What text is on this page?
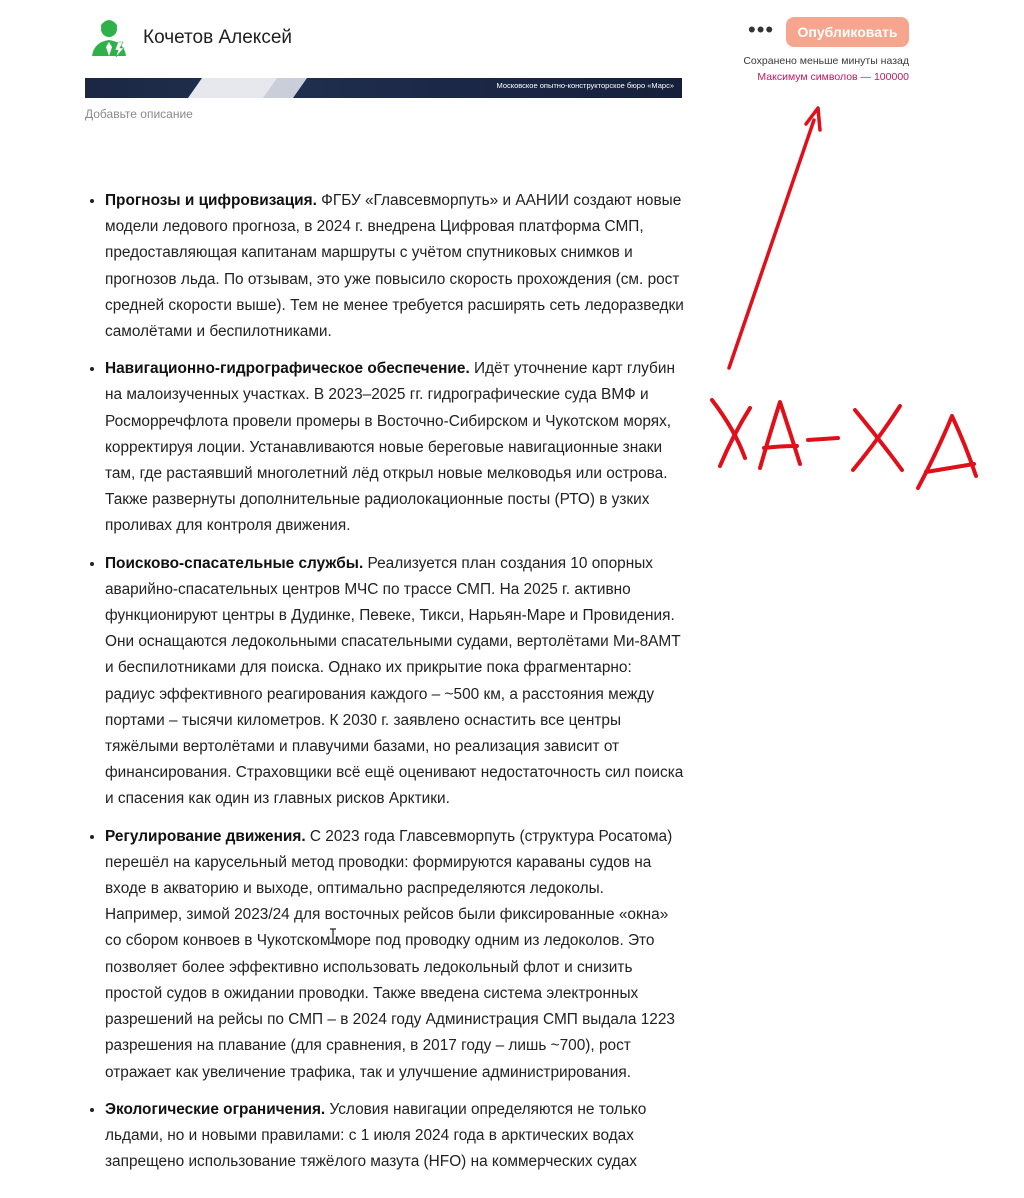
Кочетов Алексей	•••	Опубликовать
Сохранено меньше минуты назад
Максимум символов — 100000
Московское опытно-конструкторское бюро «Марс»
Добавьте описание
• Прогнозы и цифровизация. ФГБУ «Главсевморпуть» и ААНИИ создают новые модели ледового прогноза, в 2024 г. внедрена Цифровая платформа СМП, предоставляющая капитанам маршруты с учётом спутниковых снимков и прогнозов льда. По отзывам, это уже повысило скорость прохождения (см. рост средней скорости выше). Тем не менее требуется расширять сеть ледоразведки самолётами и беспилотниками.
• Навигационно-гидрографическое обеспечение. Идёт уточнение карт глубин на малоизученных участках. В 2023–2025 гг. гидрографические суда ВМФ и Росморречфлота провели промеры в Восточно-Сибирском и Чукотском морях, корректируя лоции. Устанавливаются новые береговые навигационные знаки там, где растаявший многолетний лёд открыл новые мелководья или острова. Также развернуты дополнительные радиолокационные посты (РТО) в узких проливах для контроля движения.
• Поисково-спасательные службы. Реализуется план создания 10 опорных аварийно-спасательных центров МЧС по трассе СМП. На 2025 г. активно функционируют центры в Дудинке, Певеке, Тикси, Нарьян-Маре и Провидения. Они оснащаются ледокольными спасательными судами, вертолётами Ми-8АМТ и беспилотниками для поиска. Однако их прикрытие пока фрагментарно: радиус эффективного реагирования каждого – ~500 км, а расстояния между портами – тысячи километров. К 2030 г. заявлено оснастить все центры тяжёлыми вертолётами и плавучими базами, но реализация зависит от финансирования. Страховщики всё ещё оценивают недостаточность сил поиска и спасения как один из главных рисков Арктики.
• Регулирование движения. С 2023 года Главсевморпуть (структура Росатома) перешёл на карусельный метод проводки: формируются караваны судов на входе в акваторию и выходе, оптимально распределяются ледоколы. Например, зимой 2023/24 для восточных рейсов были фиксированные «окна» со сбором конвоев в Чукотском море под проводку одним из ледоколов. Это позволяет более эффективно использовать ледокольный флот и снизить простой судов в ожидании проводки. Также введена система электронных разрешений на рейсы по СМП – в 2024 году Администрация СМП выдала 1223 разрешения на плавание (для сравнения, в 2017 году – лишь ~700), рост отражает как увеличение трафика, так и улучшение администрирования.
• Экологические ограничения. Условия навигации определяются не только льдами, но и новыми правилами: с 1 июля 2024 года в арктических водах запрещено использование тяжёлого мазута (HFO) на коммерческих судах
